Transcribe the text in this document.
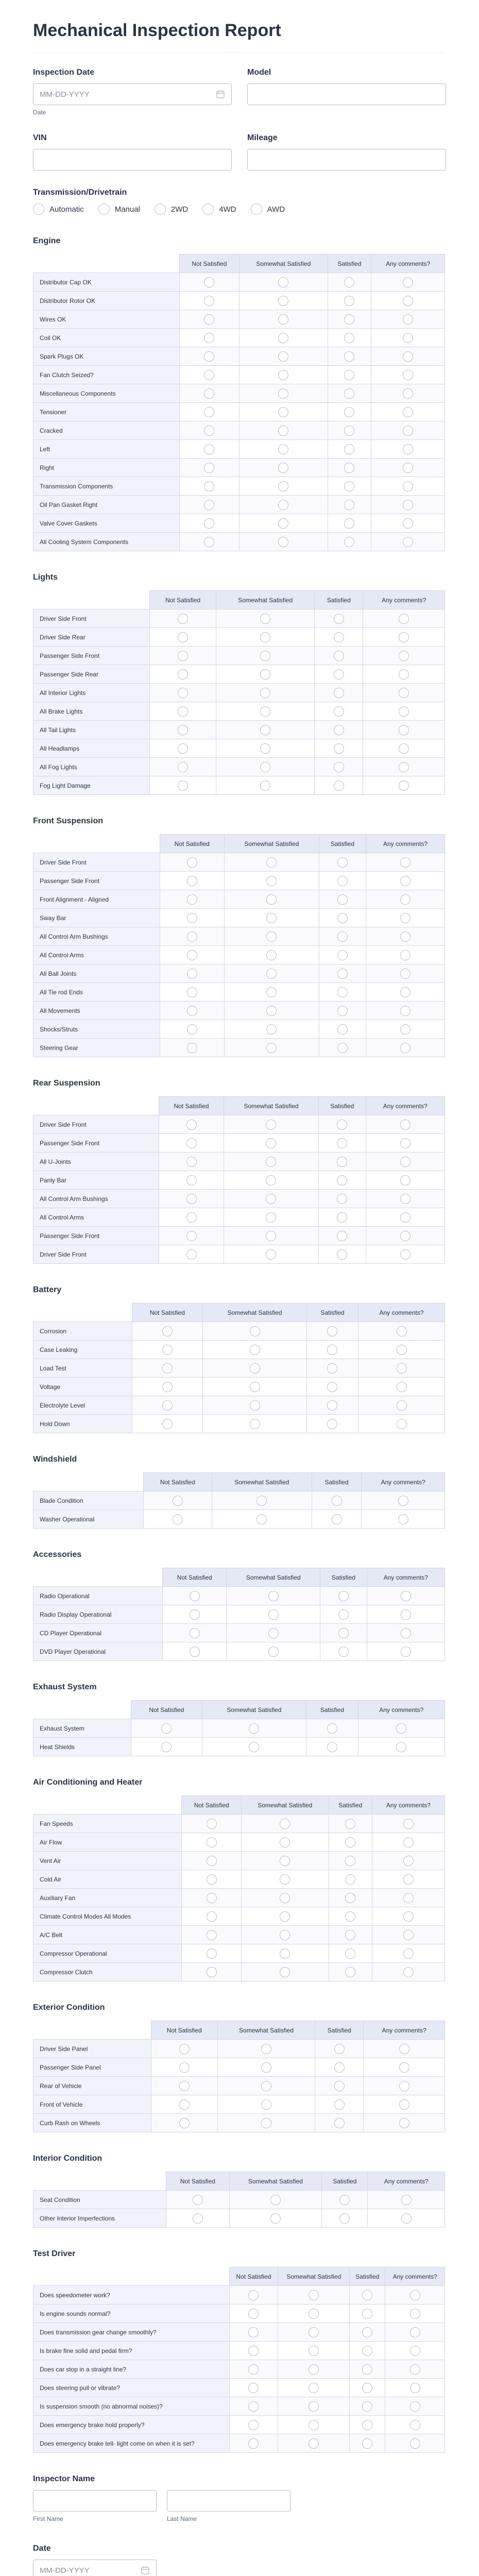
Mechanical Inspection Report
Inspection Date
MM-DD-YYYY
Date
Model
VIN	Mileage
Transmission/Drivetrain
Automatic	Manual	2WD	4WD	AWD
Engine
	Not Satisfied	Somewhat Satisfied	Satisfied	Any comments?
Distributor Cap OK				
Distributor Rotor OK				
Wires OK				
Coil OK				
Spark Plugs OK				
Fan Clutch Seized?				
Miscellaneous Components				
Tensioner				
Cracked				
Left				
Right				
Transmission Components				
Oil Pan Gasket Right				
Valve Cover Gaskets				
All Cooling System Components				
Lights
	Not Satisfied	Somewhat Satisfied	Satisfied	Any comments?
Driver Side Front				
Driver Side Rear				
Passenger Side Front				
Passenger Side Rear				
All Interior Lights				
All Brake Lights				
All Tail Lights				
All Headlamps				
All Fog Lights				
Fog Light Damage				
Front Suspension
	Not Satisfied	Somewhat Satisfied	Satisfied	Any comments?
Driver Side Front				
Passenger Side Front				
Front Alignment - Aligned				
Sway Bar				
All Control Arm Bushings				
All Control Arms				
All Ball Joints				
All Tie rod Ends				
All Movements				
Shocks/Struts				
Steering Gear				
Rear Suspension
	Not Satisfied	Somewhat Satisfied	Satisfied	Any comments?
Driver Side Front				
Passenger Side Front				
All U-Joints				
Panly Bar				
All Control Arm Bushings				
All Control Arms				
Passenger Side Front				
Driver Side Front				
Battery
	Not Satisfied	Somewhat Satisfied	Satisfied	Any comments?
Corrosion				
Case Leaking				
Load Test				
Voltage				
Electrolyte Level				
Hold Down				
Windshield
	Not Satisfied	Somewhat Satisfied	Satisfied	Any comments?
Blade Condition				
Washer Operational				
Accessories
	Not Satisfied	Somewhat Satisfied	Satisfied	Any comments?
Radio Operational				
Radio Display Operational				
CD Player Operational				
DVD Player Operational				
Exhaust System
	Not Satisfied	Somewhat Satisfied	Satisfied	Any comments?
Exhaust System				
Heat Shields				
Air Conditioning and Heater
	Not Satisfied	Somewhat Satisfied	Satisfied	Any comments?
Fan Speeds				
Air Flow				
Vent Air				
Cold Air				
Auxiliary Fan				
Climate Control Modes All Modes				
A/C Belt				
Compressor Operational				
Compressor Clutch				
Exterior Condition
	Not Satisfied	Somewhat Satisfied	Satisfied	Any comments?
Driver Side Panel				
Passenger Side Panel				
Rear of Vehicle				
Front of Vehicle				
Curb Rash on Wheels				
Interior Condition
	Not Satisfied	Somewhat Satisfied	Satisfied	Any comments?
Seat Condition				
Other Interior Imperfections				
Test Driver
	Not Satisfied	Somewhat Satisfied	Satisfied	Any comments?
Does speedometer work?				
Is engine sounds normal?				
Does transmission gear change smoothly?				
Is brake fine solid and pedal firm?				
Does car stop in a straight line?				
Does steering pull or vibrate?				
Is suspension smooth (no abnormal noises)?				
Does emergency brake hold properly?				
Does emergency brake tell- light come on when it is set?				
Inspector Name
First Name	Last Name
Date
MM-DD-YYYY
